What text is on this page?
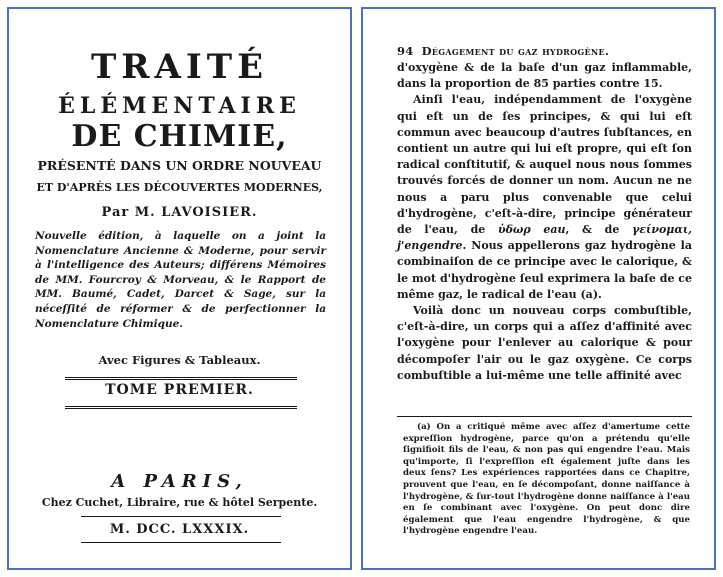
TRAITÉ
ÉLÉMENTAIRE
DE CHIMIE,
PRÉSENTÉ DANS UN ORDRE NOUVEAU
ET D'APRÈS LES DÉCOUVERTES MODERNES,
Par M. LAVOISIER.
Nouvelle édition, à laquelle on a joint la Nomenclature Ancienne & Moderne, pour servir à l'intelligence des Auteurs; différens Mémoires de MM. Fourcroy & Morveau, & le Rapport de MM. Baumé, Cadet, Darcet & Sage, sur la néceſſité de réformer & de perfectionner la Nomenclature Chimique.
Avec Figures & Tableaux.
TOME PREMIER.
A PARIS,
Chez Cuchet, Libraire, rue & hôtel Serpente.
M. DCC. LXXXIX.
94 Dégagement du gaz hydrogène.

d'oxygène & de la baſe d'un gaz inflammable, dans la proportion de 85 parties contre 15.

Ainſi l'eau, indépendamment de l'oxygène qui eſt un de ſes principes, & qui lui eſt commun avec beaucoup d'autres ſubſtances, en contient un autre qui lui eſt propre, qui eſt ſon radical conſtitutif, & auquel nous nous ſommes trouvés forcés de donner un nom. Aucun ne ne nous a paru plus convenable que celui d'hydrogène, c'eſt-à-dire, principe générateur de l'eau, de ὑδωρ eau, & de γείνομαι, j'engendre. Nous appellerons gaz hydrogène la combinaiſon de ce principe avec le calorique, & le mot d'hydrogène ſeul exprimera la baſe de ce même gaz, le radical de l'eau (a).

Voilà donc un nouveau corps combuſtible, c'eſt-à-dire, un corps qui a aſſez d'affinité avec l'oxygène pour l'enlever au calorique & pour décompoſer l'air ou le gaz oxygène. Ce corps combuſtible a lui-même une telle affinité avec

(a) On a critiqué même avec aſſez d'amertume cette expreſſion hydrogène, parce qu'on a prétendu qu'elle ſignifioit fils de l'eau, & non pas qui engendre l'eau. Mais qu'importe, ſi l'expreſſion eſt également juſte dans les deux ſens? Les expériences rapportées dans ce Chapitre, prouvent que l'eau, en ſe décompoſant, donne naiſſance à l'hydrogène, & ſur-tout l'hydrogène donne naiſſance à l'eau en ſe combinant avec l'oxygène. On peut donc dire également que l'eau engendre l'hydrogène, & que l'hydrogène engendre l'eau.
